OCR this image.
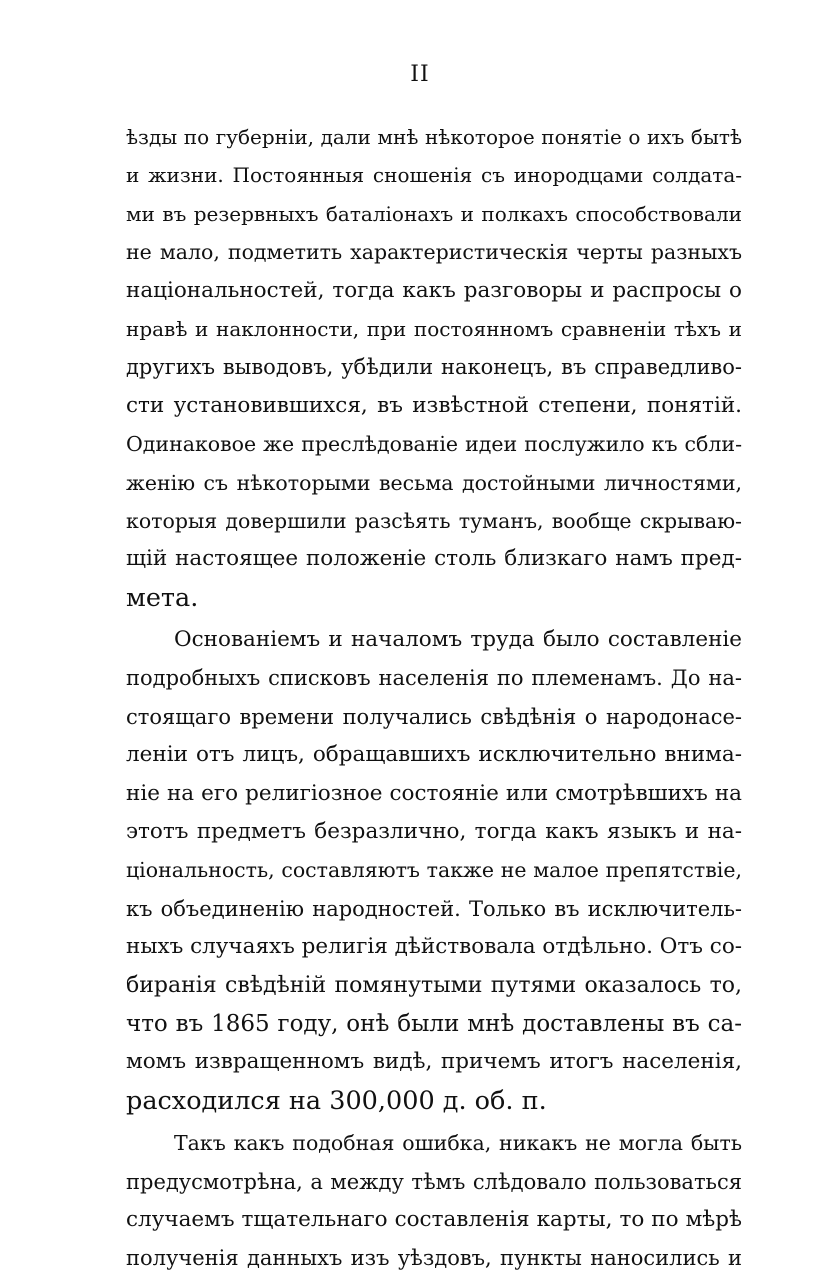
II
ѣзды по губерніи, дали мнѣ нѣкоторое понятіе о ихъ бытѣ
и жизни. Постоянныя сношенія съ инородцами солдата-
ми въ резервныхъ баталіонахъ и полкахъ способствовали
не мало, подметить характеристическія черты разныхъ
національностей, тогда какъ разговоры и распросы о
нравѣ и наклонности, при постоянномъ сравненіи тѣхъ и
другихъ выводовъ, убѣдили наконецъ, въ справедливо-
сти установившихся, въ извѣстной степени, понятій.
Одинаковое же преслѣдованіе идеи послужило къ сбли-
женію съ нѣкоторыми весьма достойными личностями,
которыя довершили разсѣять туманъ, вообще скрываю-
щій настоящее положеніе столь близкаго намъ пред-
мета.
Основаніемъ и началомъ труда было составленіе
подробныхъ списковъ населенія по племенамъ. До на-
стоящаго времени получались свѣдѣнія о народонасе-
леніи отъ лицъ, обращавшихъ исключительно внима-
ніе на его религіозное состояніе или смотрѣвшихъ на
этотъ предметъ безразлично, тогда какъ языкъ и на-
ціональность, составляютъ также не малое препятствіе,
къ объединенію народностей. Только въ исключитель-
ныхъ случаяхъ религія дѣйствовала отдѣльно. Отъ со-
биранія свѣдѣній помянутыми путями оказалось то,
что въ 1865 году, онѣ были мнѣ доставлены въ са-
момъ извращенномъ видѣ, причемъ итогъ населенія,
расходился на 300,000 д. об. п.
Такъ какъ подобная ошибка, никакъ не могла быть
предусмотрѣна, а между тѣмъ слѣдовало пользоваться
случаемъ тщательнаго составленія карты, то по мѣрѣ
полученія данныхъ изъ уѣздовъ, пункты наносились и
